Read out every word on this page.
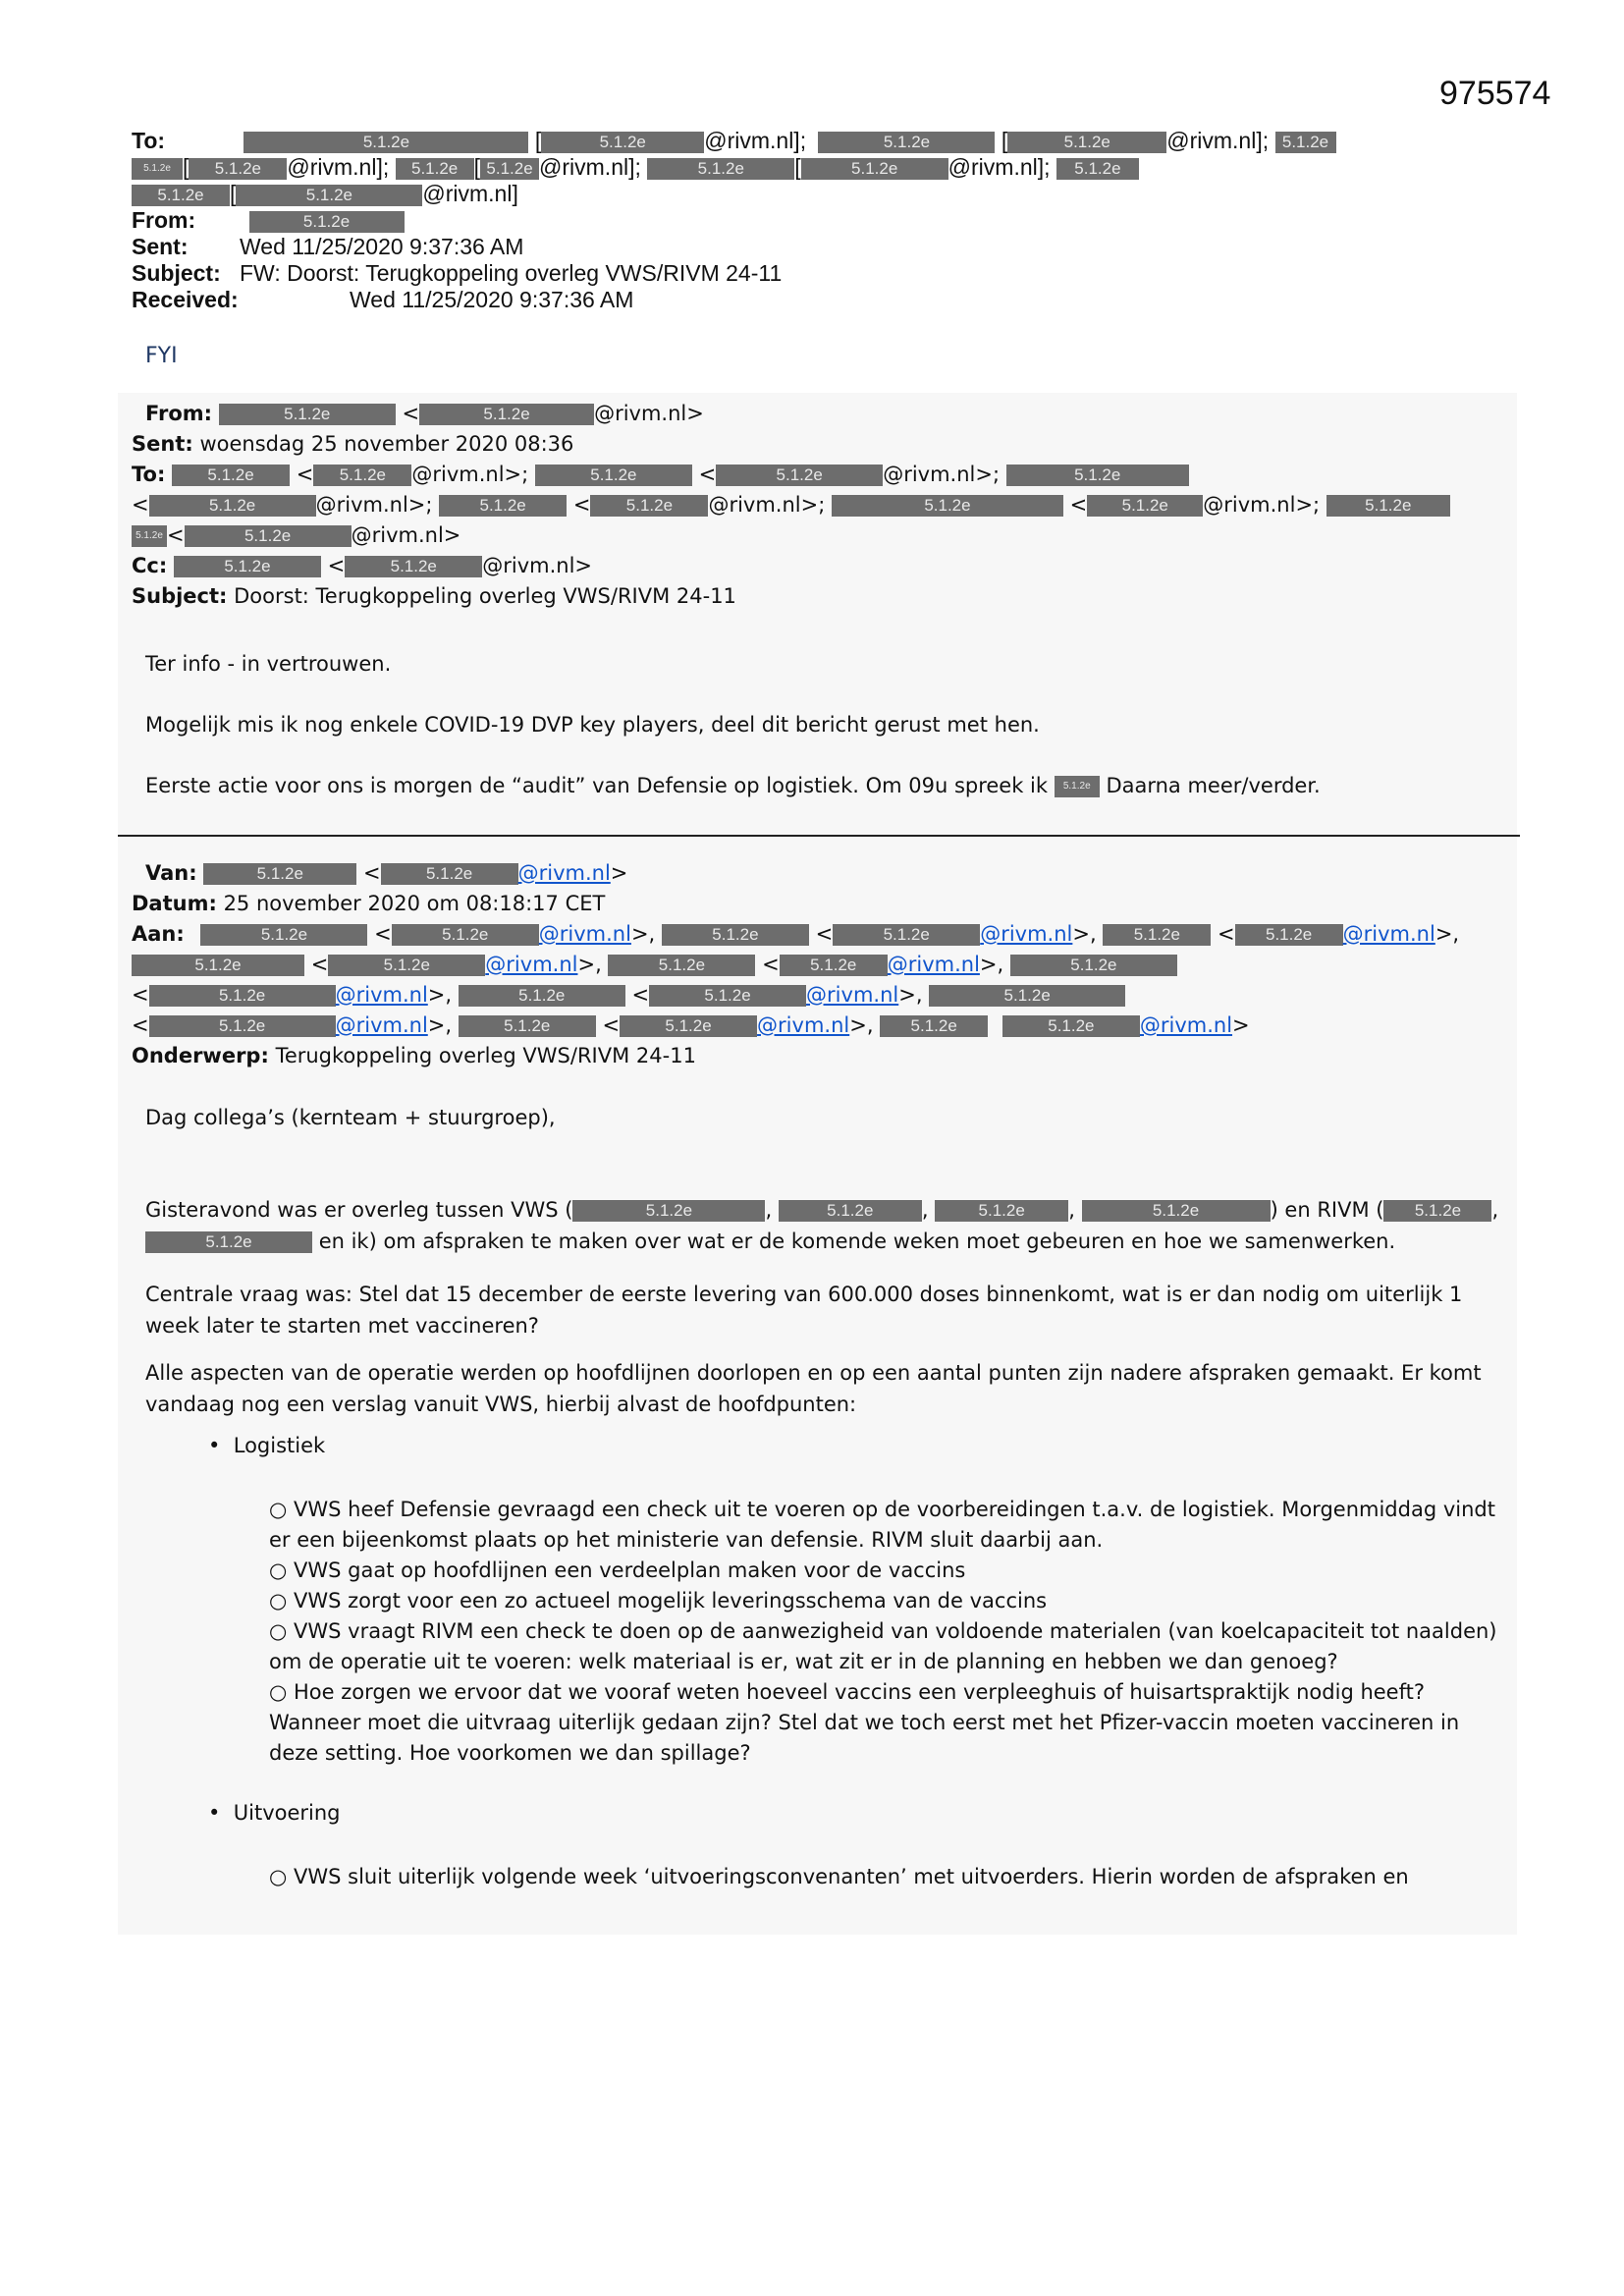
975574
To:	5.1.2e	[	5.1.2e	@rivm.nl];	5.1.2e	[	5.1.2e @rivm.nl]; 5.1.2e
5.1.2e [ 5.1.2e @rivm.nl]; 5.1.2e [ 5.1.2e @rivm.nl];	5.1.2e [	5.1.2e @rivm.nl]; 5.1.2e
5.1.2e [	5.1.2e	@rivm.nl]
From:	5.1.2e
Sent: Wed 11/25/2020 9:37:36 AM
Subject: FW: Doorst: Terugkoppeling overleg VWS/RIVM 24-11
Received:	Wed 11/25/2020 9:37:36 AM
FYI
From:	5.1.2e	<	5.1.2e	@rivm.nl>
Sent: woensdag 25 november 2020 08:36
To:	5.1.2e < 5.1.2e @rivm.nl>;	5.1.2e	<	5.1.2e	@rivm.nl>;	5.1.2e
<	5.1.2e	@rivm.nl>;	5.1.2e < 5.1.2e @rivm.nl>;	5.1.2e	< 5.1.2e @rivm.nl>;	5.1.2e
5.1.2e <	5.1.2e	@rivm.nl>
Cc:	5.1.2e	<	5.1.2e @rivm.nl>
Subject: Doorst: Terugkoppeling overleg VWS/RIVM 24-11
Ter info - in vertrouwen.
Mogelijk mis ik nog enkele COVID-19 DVP key players, deel dit bericht gerust met hen.
Eerste actie voor ons is morgen de “audit” van Defensie op logistiek. Om 09u spreek ik 5.1.2e Daarna meer/verder.
Van:	5.1.2e	<	5.1.2e @rivm.nl>
Datum: 25 november 2020 om 08:18:17 CET
Aan:	5.1.2e	<	5.1.2e @rivm.nl>,	5.1.2e	<	5.1.2e @rivm.nl>, 5.1.2e < 5.1.2e @rivm.nl>,
5.1.2e	<	5.1.2e	@rivm.nl>,	5.1.2e	< 5.1.2e @rivm.nl>,	5.1.2e
<	5.1.2e	@rivm.nl>,	5.1.2e	<	5.1.2e	@rivm.nl>,	5.1.2e
<	5.1.2e	@rivm.nl>,	5.1.2e	<	5.1.2e @rivm.nl>, 5.1.2e	5.1.2e @rivm.nl>
Onderwerp: Terugkoppeling overleg VWS/RIVM 24-11
Dag collega’s (kernteam + stuurgroep),
Gisteravond was er overleg tussen VWS (	5.1.2e	,	5.1.2e ,	5.1.2e ,	5.1.2e	) en RIVM ( 5.1.2e ,
5.1.2e	en ik) om afspraken te maken over wat er de komende weken moet gebeuren en hoe we samenwerken.
Centrale vraag was: Stel dat 15 december de eerste levering van 600.000 doses binnenkomt, wat is er dan nodig om uiterlijk 1
week later te starten met vaccineren?
Alle aspecten van de operatie werden op hoofdlijnen doorlopen en op een aantal punten zijn nadere afspraken gemaakt. Er komt
vandaag nog een verslag vanuit VWS, hierbij alvast de hoofdpunten:
• Logistiek
○ VWS heef Defensie gevraagd een check uit te voeren op de voorbereidingen t.a.v. de logistiek. Morgenmiddag vindt
er een bijeenkomst plaats op het ministerie van defensie. RIVM sluit daarbij aan.
○ VWS gaat op hoofdlijnen een verdeelplan maken voor de vaccins
○ VWS zorgt voor een zo actueel mogelijk leveringsschema van de vaccins
○ VWS vraagt RIVM een check te doen op de aanwezigheid van voldoende materialen (van koelcapaciteit tot naalden)
om de operatie uit te voeren: welk materiaal is er, wat zit er in de planning en hebben we dan genoeg?
○ Hoe zorgen we ervoor dat we vooraf weten hoeveel vaccins een verpleeghuis of huisartspraktijk nodig heeft?
Wanneer moet die uitvraag uiterlijk gedaan zijn? Stel dat we toch eerst met het Pfizer-vaccin moeten vaccineren in
deze setting. Hoe voorkomen we dan spillage?
• Uitvoering
○ VWS sluit uiterlijk volgende week ‘uitvoeringsconvenanten’ met uitvoerders. Hierin worden de afspraken en
